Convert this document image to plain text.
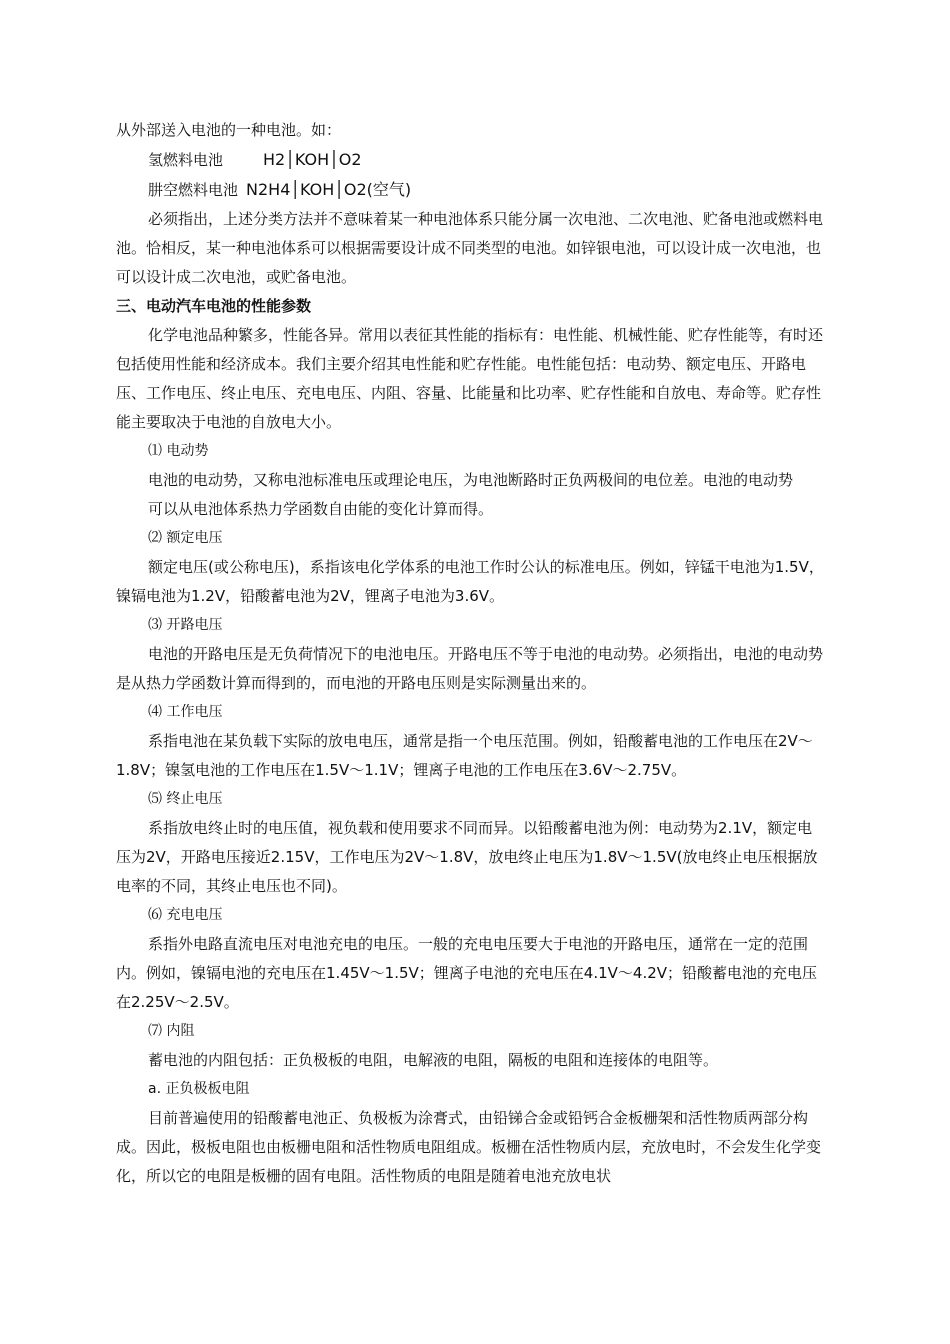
从外部送入电池的一种电池。如：

氢燃料电池	H2│KOH│O2

肼空燃料电池 N2H4│KOH│O2(空气)

必须指出，上述分类方法并不意味着某一种电池体系只能分属一次电池、二次电池、贮备电池或燃料电池。恰相反，某一种电池体系可以根据需要设计成不同类型的电池。如锌银电池，可以设计成一次电池，也可以设计成二次电池，或贮备电池。

三、电动汽车电池的性能参数

化学电池品种繁多，性能各异。常用以表征其性能的指标有：电性能、机械性能、贮存性能等，有时还包括使用性能和经济成本。我们主要介绍其电性能和贮存性能。电性能包括：电动势、额定电压、开路电压、工作电压、终止电压、充电电压、内阻、容量、比能量和比功率、贮存性能和自放电、寿命等。贮存性能主要取决于电池的自放电大小。

⑴ 电动势

电池的电动势，又称电池标准电压或理论电压，为电池断路时正负两极间的电位差。电池的电动势

可以从电池体系热力学函数自由能的变化计算而得。

⑵ 额定电压

额定电压(或公称电压)，系指该电化学体系的电池工作时公认的标准电压。例如，锌锰干电池为1.5V，镍镉电池为1.2V，铅酸蓄电池为2V，锂离子电池为3.6V。

⑶ 开路电压

电池的开路电压是无负荷情况下的电池电压。开路电压不等于电池的电动势。必须指出，电池的电动势是从热力学函数计算而得到的，而电池的开路电压则是实际测量出来的。

⑷ 工作电压

系指电池在某负载下实际的放电电压，通常是指一个电压范围。例如，铅酸蓄电池的工作电压在2V～1.8V；镍氢电池的工作电压在1.5V～1.1V；锂离子电池的工作电压在3.6V～2.75V。

⑸ 终止电压

系指放电终止时的电压值，视负载和使用要求不同而异。以铅酸蓄电池为例：电动势为2.1V，额定电压为2V，开路电压接近2.15V，工作电压为2V～1.8V，放电终止电压为1.8V～1.5V(放电终止电压根据放电率的不同，其终止电压也不同)。

⑹ 充电电压

系指外电路直流电压对电池充电的电压。一般的充电电压要大于电池的开路电压，通常在一定的范围内。例如，镍镉电池的充电压在1.45V～1.5V；锂离子电池的充电压在4.1V～4.2V；铅酸蓄电池的充电压在2.25V～2.5V。

⑺ 内阻

蓄电池的内阻包括：正负极板的电阻，电解液的电阻，隔板的电阻和连接体的电阻等。

a. 正负极板电阻

目前普遍使用的铅酸蓄电池正、负极板为涂膏式，由铅锑合金或铅钙合金板栅架和活性物质两部分构成。因此，极板电阻也由板栅电阻和活性物质电阻组成。板栅在活性物质内层，充放电时，不会发生化学变化，所以它的电阻是板栅的固有电阻。活性物质的电阻是随着电池充放电状
